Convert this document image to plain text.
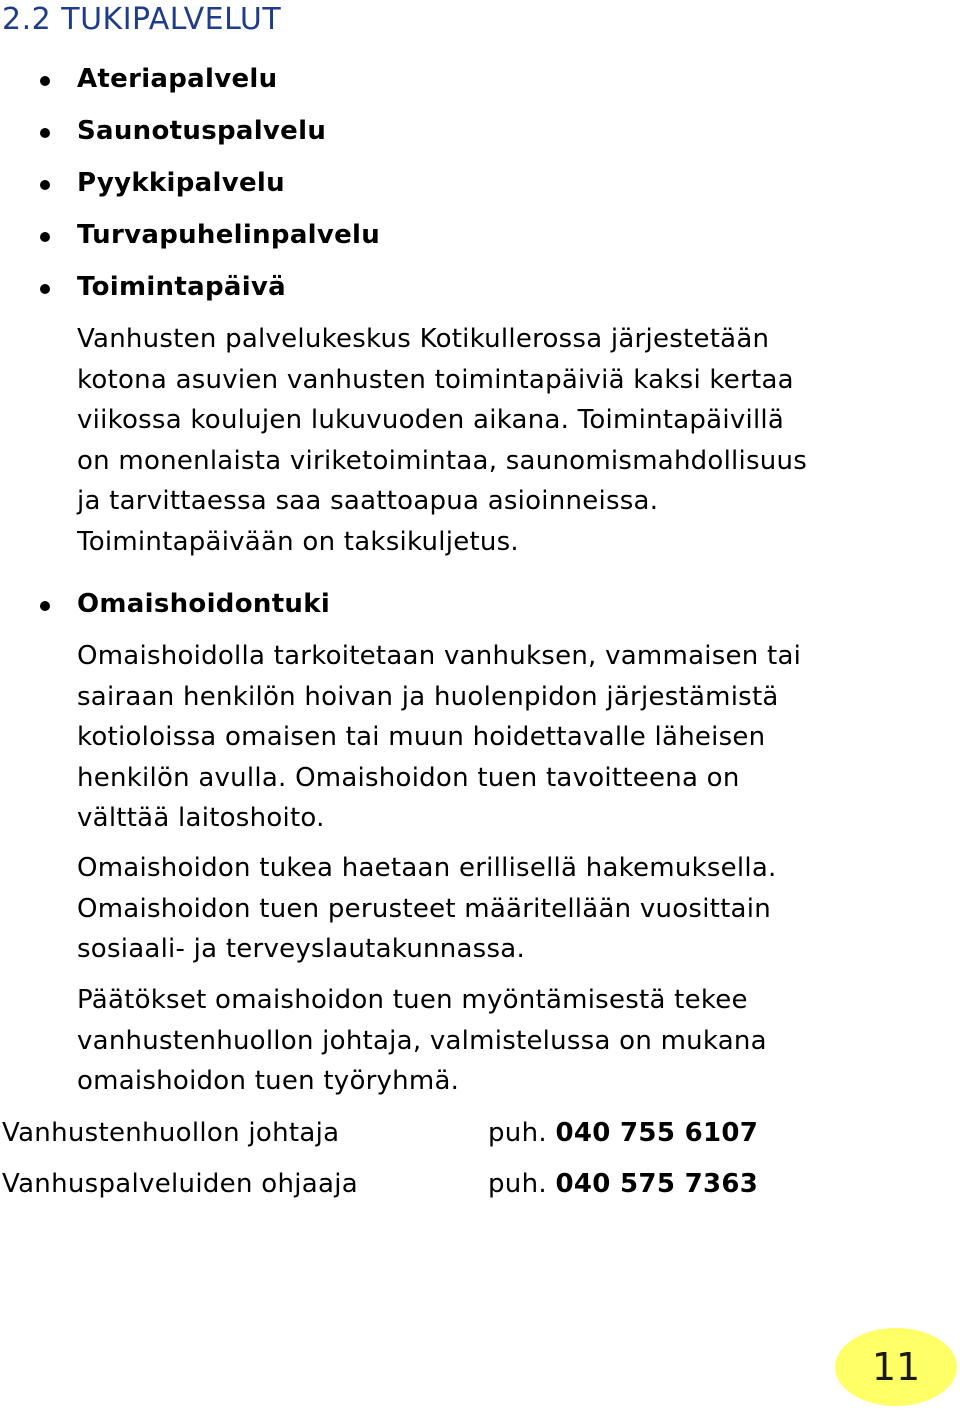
2.2 TUKIPALVELUT
Ateriapalvelu
Saunotuspalvelu
Pyykkipalvelu
Turvapuhelinpalvelu
Toimintapäivä

Vanhusten palvelukeskus Kotikullerossa järjestetään
kotona asuvien vanhusten toimintapäiviä kaksi kertaa
viikossa koulujen lukuvuoden aikana. Toimintapäivillä
on monenlaista viriketoimintaa, saunomismahdollisuus
ja tarvittaessa saa saattoapua asioinneissa.
Toimintapäivään on taksikuljetus.

Omaishoidontuki

Omaishoidolla tarkoitetaan vanhuksen, vammaisen tai
sairaan henkilön hoivan ja huolenpidon järjestämistä
kotioloissa omaisen tai muun hoidettavalle läheisen
henkilön avulla. Omaishoidon tuen tavoitteena on
välttää laitoshoito.

Omaishoidon tukea haetaan erillisellä hakemuksella.
Omaishoidon tuen perusteet määritellään vuosittain
sosiaali- ja terveyslautakunnassa.

Päätökset omaishoidon tuen myöntämisestä tekee
vanhustenhuollon johtaja, valmistelussa on mukana
omaishoidon tuen työryhmä.

Vanhustenhuollon johtaja	puh. 040 755 6107
Vanhuspalveluiden ohjaaja	puh. 040 575 7363
11
